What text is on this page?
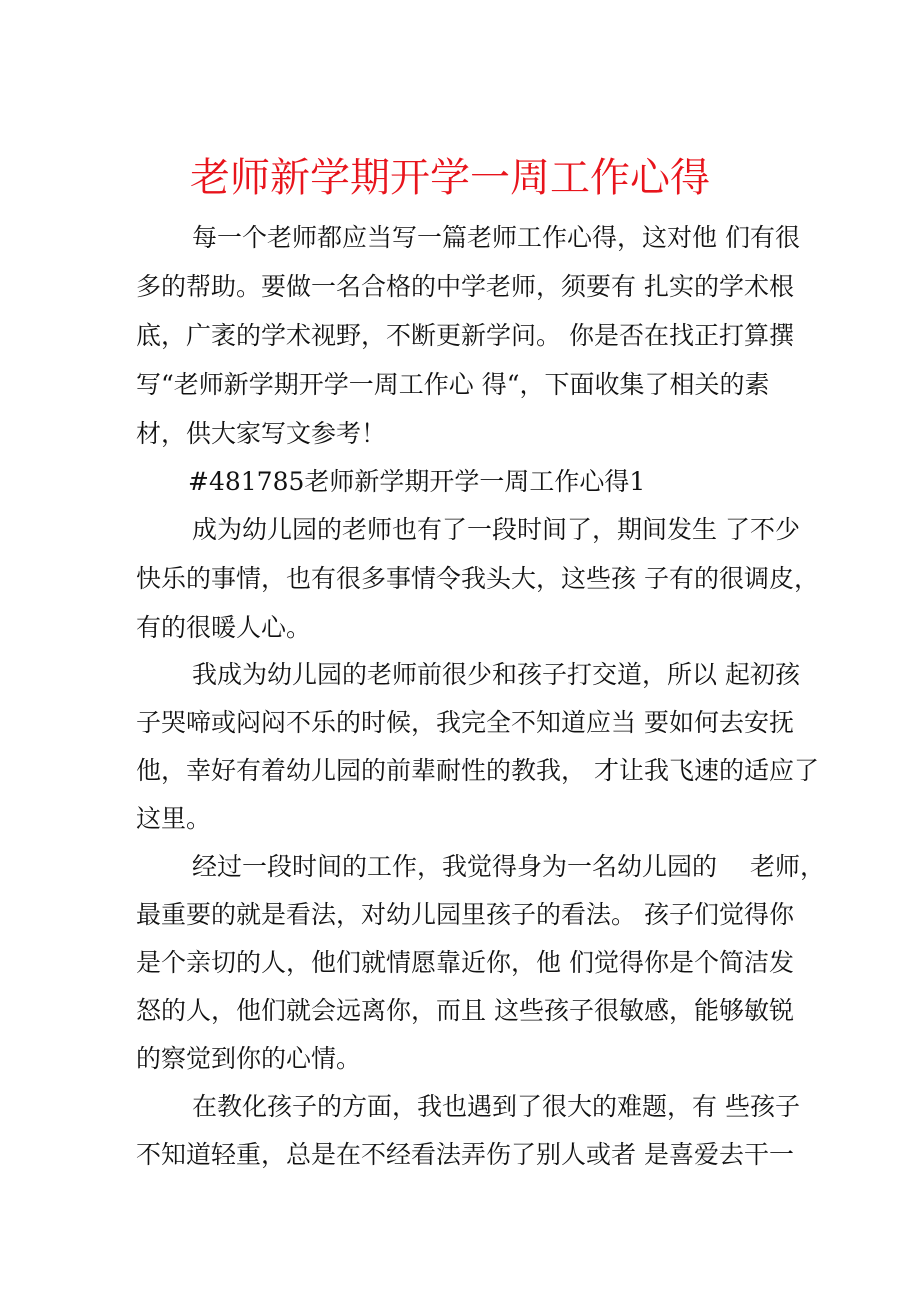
老师新学期开学一周工作心得
每一个老师都应当写一篇老师工作心得，这对他 们有很
多的帮助。要做一名合格的中学老师，须要有 扎实的学术根
底，广袤的学术视野，不断更新学问。 你是否在找正打算撰
写“老师新学期开学一周工作心 得“，下面收集了相关的素
材，供大家写文参考！
#481785老师新学期开学一周工作心得1
成为幼儿园的老师也有了一段时间了，期间发生 了不少
快乐的事情，也有很多事情令我头大，这些孩 子有的很调皮，
有的很暖人心。
我成为幼儿园的老师前很少和孩子打交道，所以 起初孩
子哭啼或闷闷不乐的时候，我完全不知道应当 要如何去安抚
他，幸好有着幼儿园的前辈耐性的教我， 才让我飞速的适应了
这里。
经过一段时间的工作，我觉得身为一名幼儿园的　 老师，
最重要的就是看法，对幼儿园里孩子的看法。 孩子们觉得你
是个亲切的人，他们就情愿靠近你，他 们觉得你是个简洁发
怒的人，他们就会远离你，而且 这些孩子很敏感，能够敏锐
的察觉到你的心情。
在教化孩子的方面，我也遇到了很大的难题，有 些孩子
不知道轻重，总是在不经看法弄伤了别人或者 是喜爱去干一
